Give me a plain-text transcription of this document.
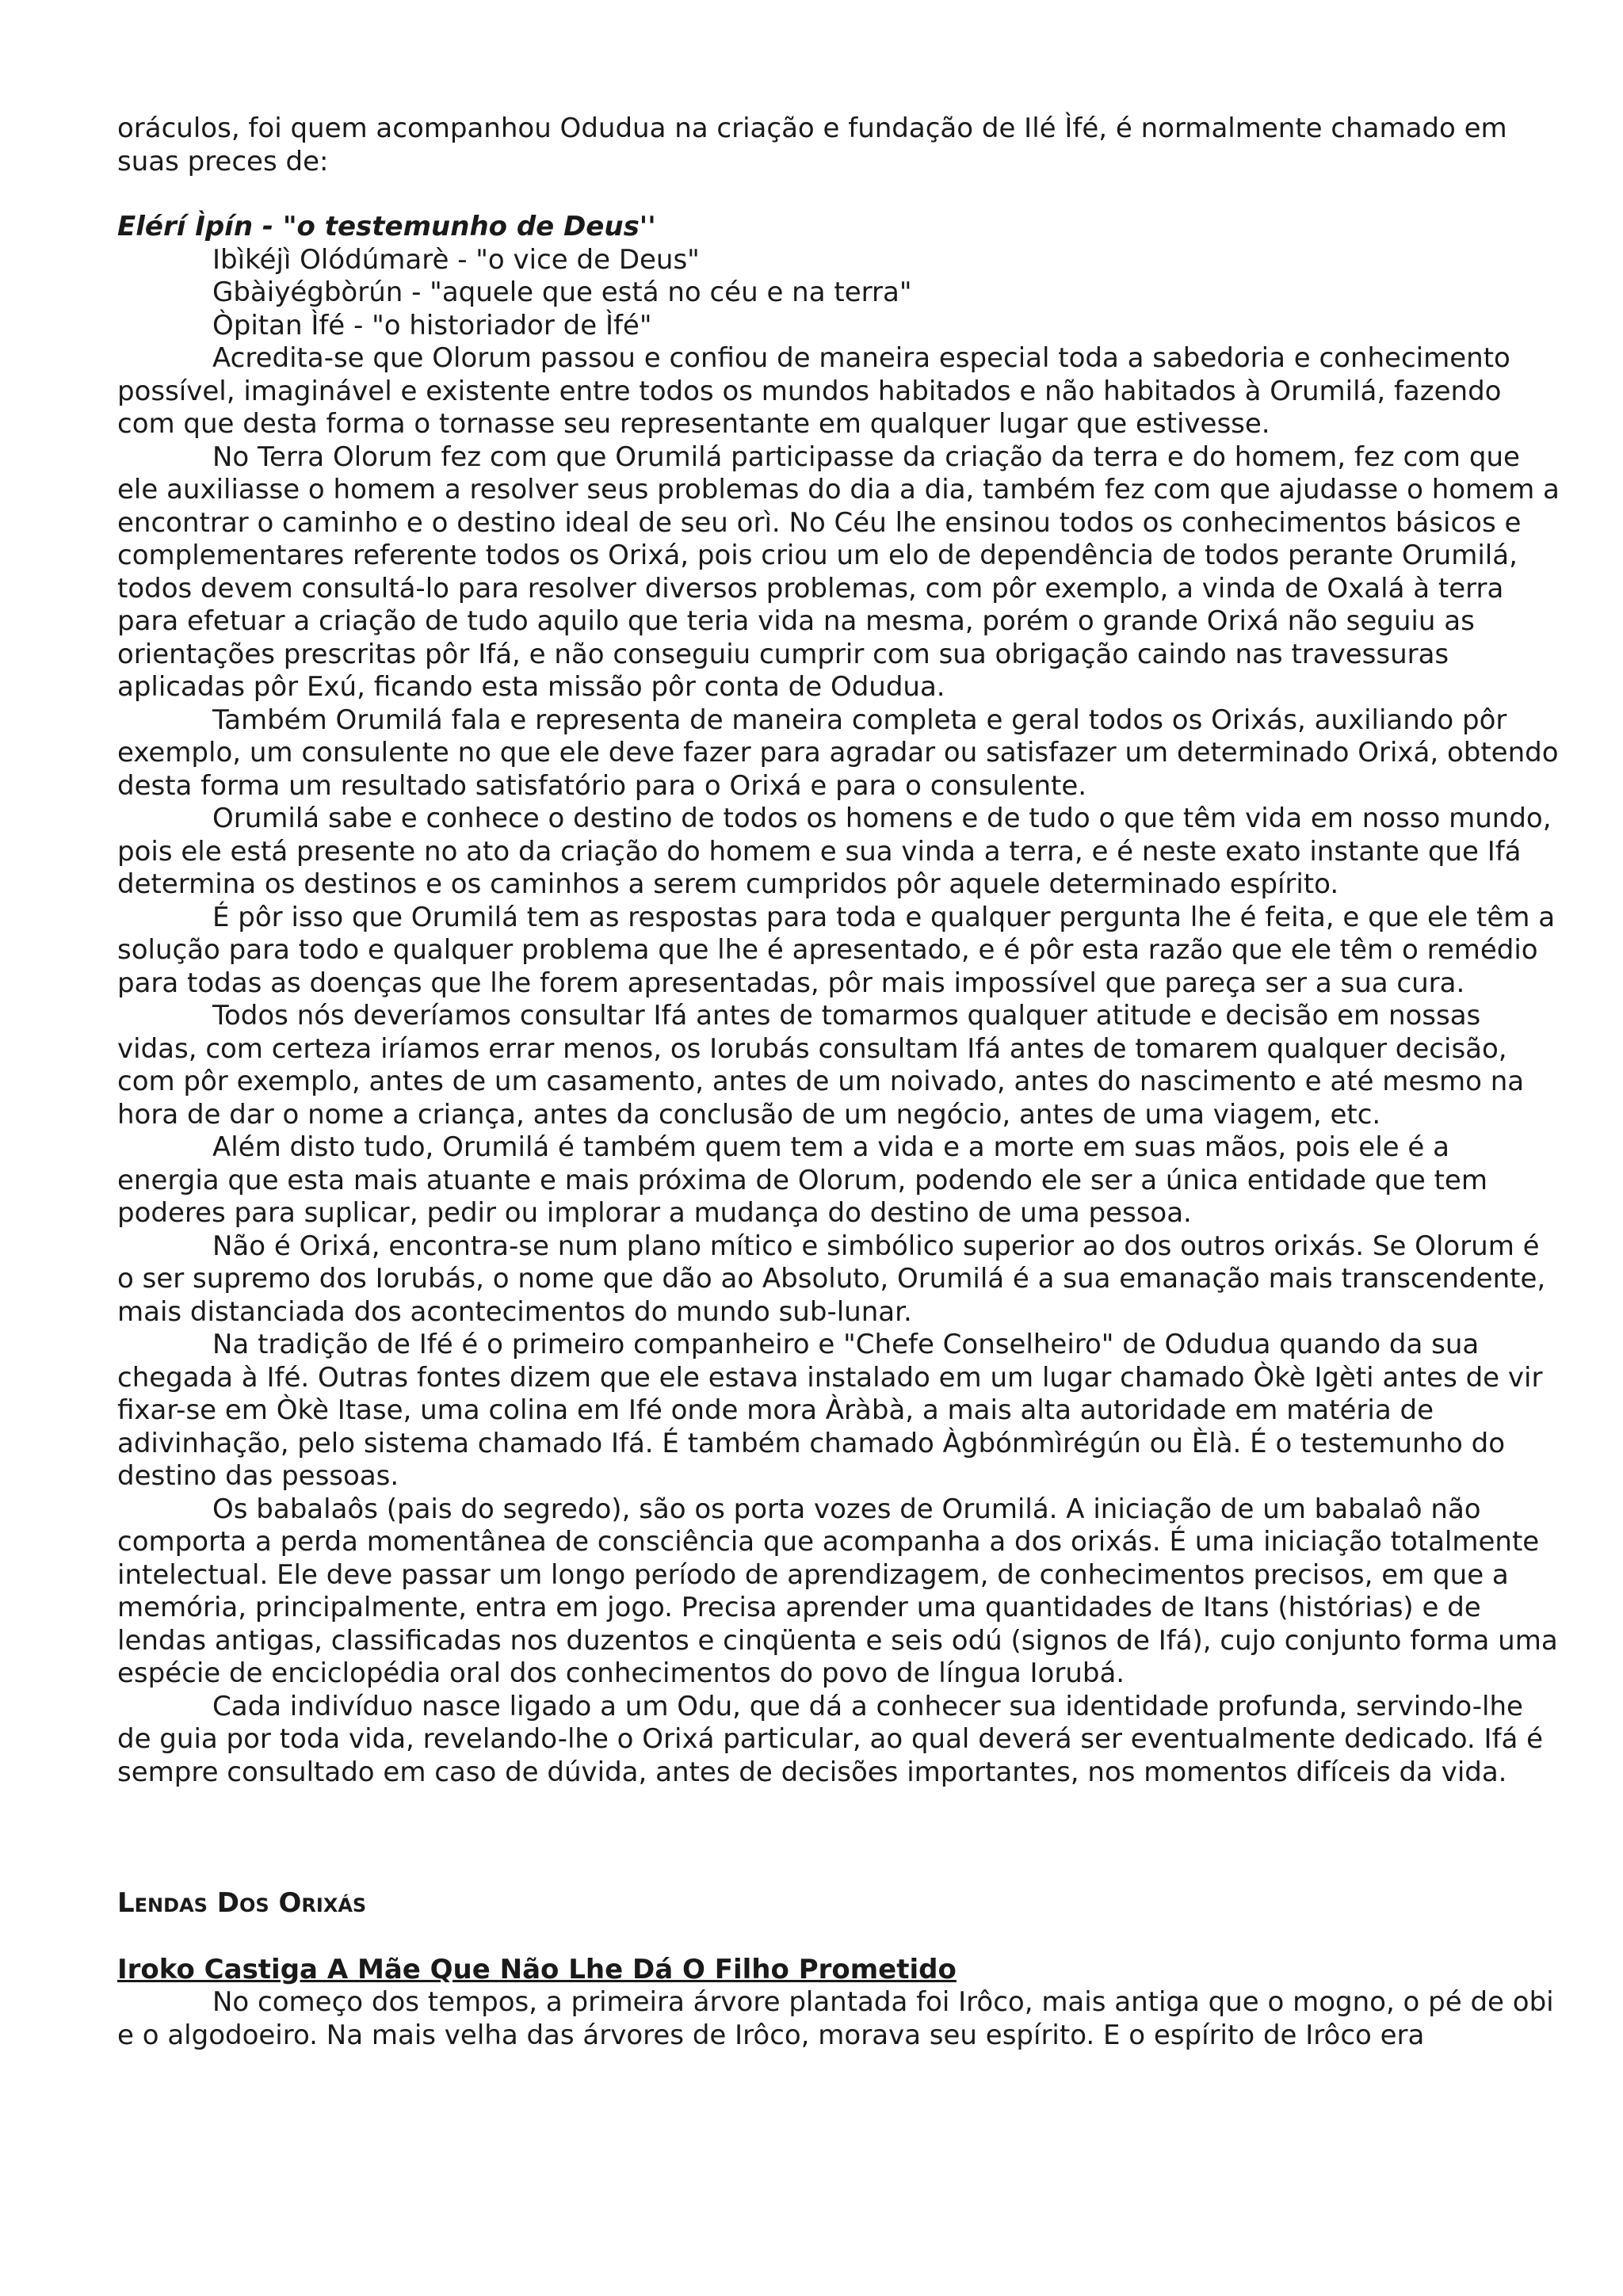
oráculos, foi quem acompanhou Odudua na criação e fundação de Ilé Ìfé, é normalmente chamado em suas preces de:

Elérí Ìpín - "o testemunho de Deus''

Ibìkéjì Olódúmarè - "o vice de Deus"

Gbàiyégbòrún - "aquele que está no céu e na terra"

Òpitan Ìfé - "o historiador de Ìfé"

Acredita-se que Olorum passou e confiou de maneira especial toda a sabedoria e conhecimento possível, imaginável e existente entre todos os mundos habitados e não habitados à Orumilá, fazendo com que desta forma o tornasse seu representante em qualquer lugar que estivesse.

No Terra Olorum fez com que Orumilá participasse da criação da terra e do homem, fez com que ele auxiliasse o homem a resolver seus problemas do dia a dia, também fez com que ajudasse o homem a encontrar o caminho e o destino ideal de seu orì. No Céu lhe ensinou todos os conhecimentos básicos e complementares referente todos os Orixá, pois criou um elo de dependência de todos perante Orumilá, todos devem consultá-lo para resolver diversos problemas, com pôr exemplo, a vinda de Oxalá à terra para efetuar a criação de tudo aquilo que teria vida na mesma, porém o grande Orixá não seguiu as orientações prescritas pôr Ifá, e não conseguiu cumprir com sua obrigação caindo nas travessuras aplicadas pôr Exú, ficando esta missão pôr conta de Odudua.

Também Orumilá fala e representa de maneira completa e geral todos os Orixás, auxiliando pôr exemplo, um consulente no que ele deve fazer para agradar ou satisfazer um determinado Orixá, obtendo desta forma um resultado satisfatório para o Orixá e para o consulente.

Orumilá sabe e conhece o destino de todos os homens e de tudo o que têm vida em nosso mundo, pois ele está presente no ato da criação do homem e sua vinda a terra, e é neste exato instante que Ifá determina os destinos e os caminhos a serem cumpridos pôr aquele determinado espírito.

É pôr isso que Orumilá tem as respostas para toda e qualquer pergunta lhe é feita, e que ele têm a solução para todo e qualquer problema que lhe é apresentado, e é pôr esta razão que ele têm o remédio para todas as doenças que lhe forem apresentadas, pôr mais impossível que pareça ser a sua cura.

Todos nós deveríamos consultar Ifá antes de tomarmos qualquer atitude e decisão em nossas vidas, com certeza iríamos errar menos, os Iorubás consultam Ifá antes de tomarem qualquer decisão, com pôr exemplo, antes de um casamento, antes de um noivado, antes do nascimento e até mesmo na hora de dar o nome a criança, antes da conclusão de um negócio, antes de uma viagem, etc.

Além disto tudo, Orumilá é também quem tem a vida e a morte em suas mãos, pois ele é a energia que esta mais atuante e mais próxima de Olorum, podendo ele ser a única entidade que tem poderes para suplicar, pedir ou implorar a mudança do destino de uma pessoa.

Não é Orixá, encontra-se num plano mítico e simbólico superior ao dos outros orixás. Se Olorum é o ser supremo dos Iorubás, o nome que dão ao Absoluto, Orumilá é a sua emanação mais transcendente, mais distanciada dos acontecimentos do mundo sub-lunar.

Na tradição de Ifé é o primeiro companheiro e "Chefe Conselheiro" de Odudua quando da sua chegada à Ifé. Outras fontes dizem que ele estava instalado em um lugar chamado Òkè Igèti antes de vir fixar-se em Òkè Itase, uma colina em Ifé onde mora Àràbà, a mais alta autoridade em matéria de adivinhação, pelo sistema chamado Ifá. É também chamado Àgbónmìrégún ou Èlà. É o testemunho do destino das pessoas.

Os babalaôs (pais do segredo), são os porta vozes de Orumilá. A iniciação de um babalaô não comporta a perda momentânea de consciência que acompanha a dos orixás. É uma iniciação totalmente intelectual. Ele deve passar um longo período de aprendizagem, de conhecimentos precisos, em que a memória, principalmente, entra em jogo. Precisa aprender uma quantidades de Itans (histórias) e de lendas antigas, classificadas nos duzentos e cinqüenta e seis odú (signos de Ifá), cujo conjunto forma uma espécie de enciclopédia oral dos conhecimentos do povo de língua Iorubá.

Cada indivíduo nasce ligado a um Odu, que dá a conhecer sua identidade profunda, servindo-lhe de guia por toda vida, revelando-lhe o Orixá particular, ao qual deverá ser eventualmente dedicado. Ifá é sempre consultado em caso de dúvida, antes de decisões importantes, nos momentos difíceis da vida.

Lendas Dos Orixás

Iroko Castiga A Mãe Que Não Lhe Dá O Filho Prometido

No começo dos tempos, a primeira árvore plantada foi Irôco, mais antiga que o mogno, o pé de obi e o algodoeiro. Na mais velha das árvores de Irôco, morava seu espírito. E o espírito de Irôco era
